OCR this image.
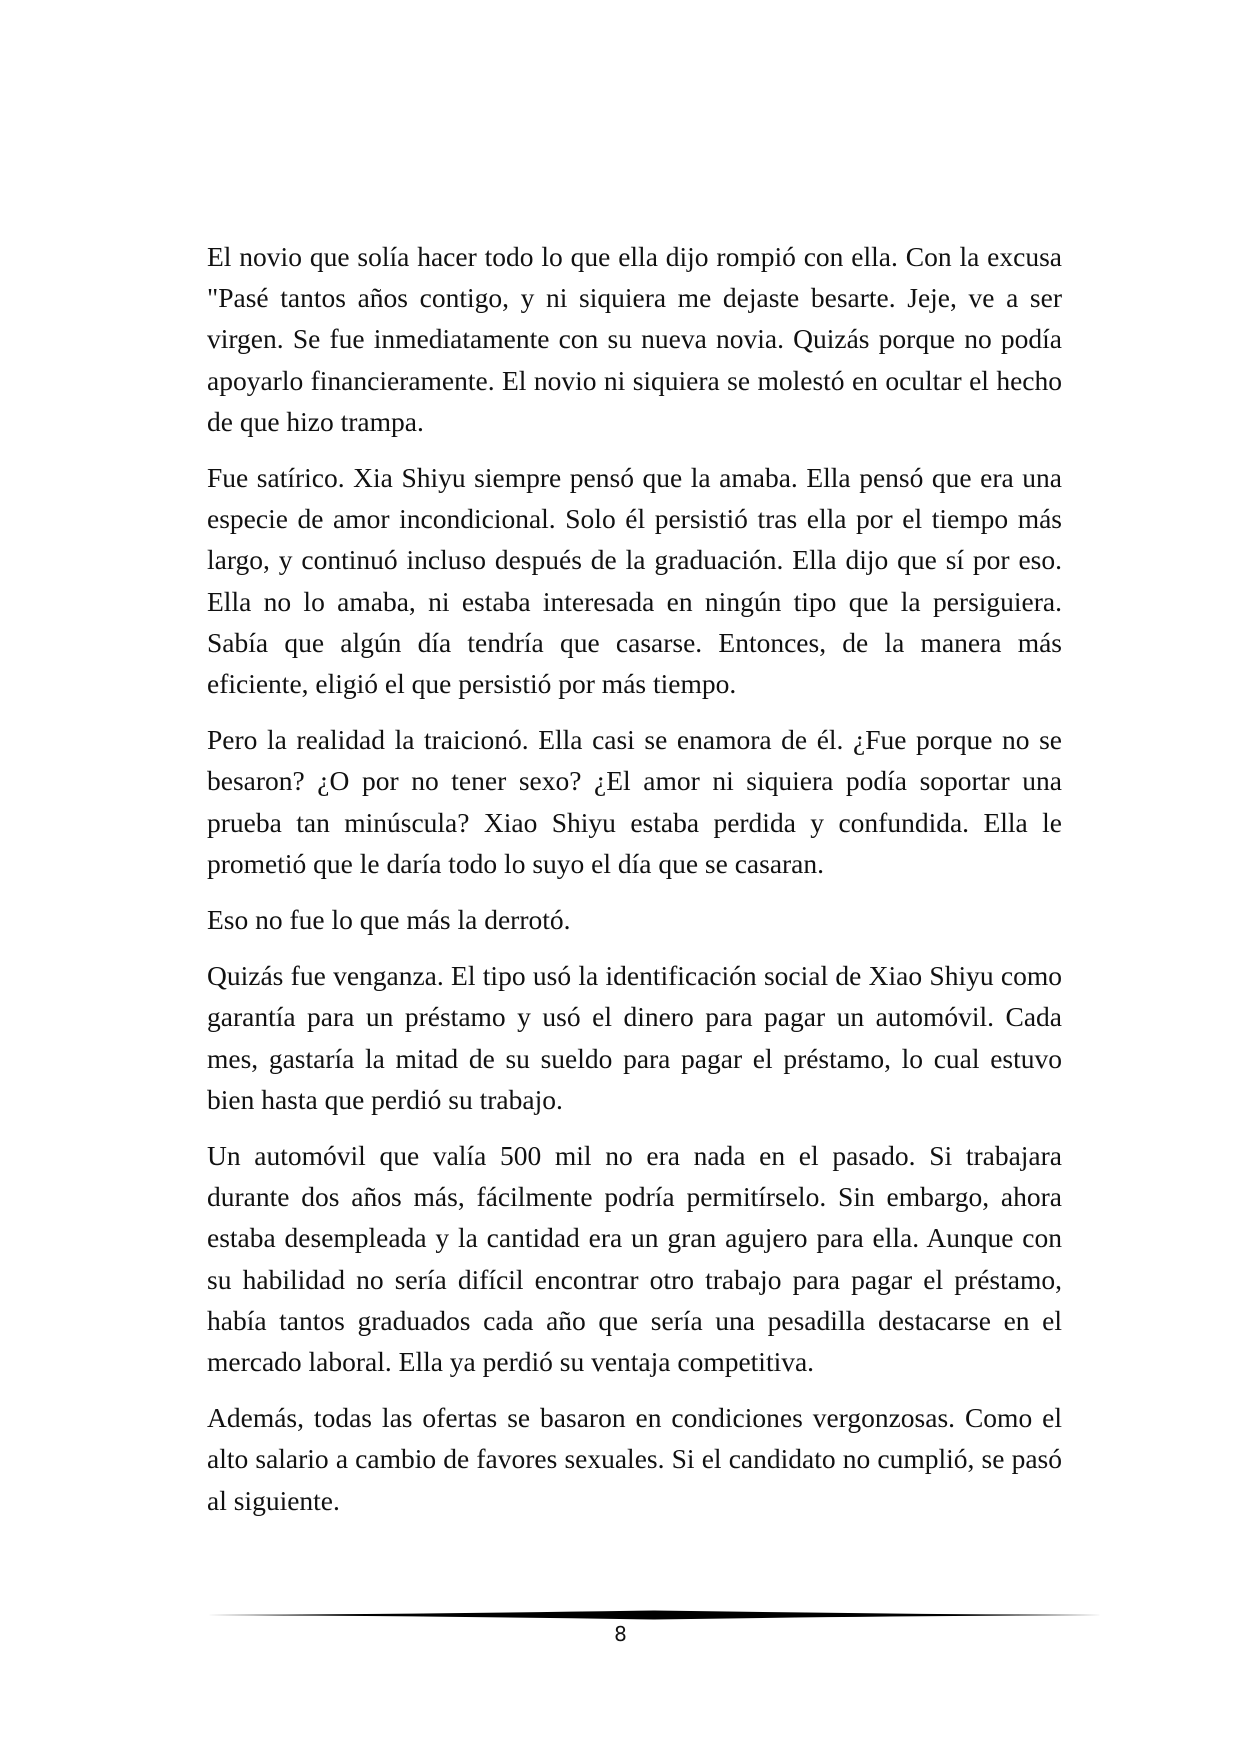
El novio que solía hacer todo lo que ella dijo rompió con ella. Con la excusa "Pasé tantos años contigo, y ni siquiera me dejaste besarte. Jeje, ve a ser virgen. Se fue inmediatamente con su nueva novia. Quizás porque no podía apoyarlo financieramente. El novio ni siquiera se molestó en ocultar el hecho de que hizo trampa.

Fue satírico. Xia Shiyu siempre pensó que la amaba. Ella pensó que era una especie de amor incondicional. Solo él persistió tras ella por el tiempo más largo, y continuó incluso después de la graduación. Ella dijo que sí por eso. Ella no lo amaba, ni estaba interesada en ningún tipo que la persiguiera. Sabía que algún día tendría que casarse. Entonces, de la manera más eficiente, eligió el que persistió por más tiempo.

Pero la realidad la traicionó. Ella casi se enamora de él. ¿Fue porque no se besaron? ¿O por no tener sexo? ¿El amor ni siquiera podía soportar una prueba tan minúscula? Xiao Shiyu estaba perdida y confundida. Ella le prometió que le daría todo lo suyo el día que se casaran.

Eso no fue lo que más la derrotó.

Quizás fue venganza. El tipo usó la identificación social de Xiao Shiyu como garantía para un préstamo y usó el dinero para pagar un automóvil. Cada mes, gastaría la mitad de su sueldo para pagar el préstamo, lo cual estuvo bien hasta que perdió su trabajo.

Un automóvil que valía 500 mil no era nada en el pasado. Si trabajara durante dos años más, fácilmente podría permitírselo. Sin embargo, ahora estaba desempleada y la cantidad era un gran agujero para ella. Aunque con su habilidad no sería difícil encontrar otro trabajo para pagar el préstamo, había tantos graduados cada año que sería una pesadilla destacarse en el mercado laboral. Ella ya perdió su ventaja competitiva.

Además, todas las ofertas se basaron en condiciones vergonzosas. Como el alto salario a cambio de favores sexuales. Si el candidato no cumplió, se pasó al siguiente.

8
